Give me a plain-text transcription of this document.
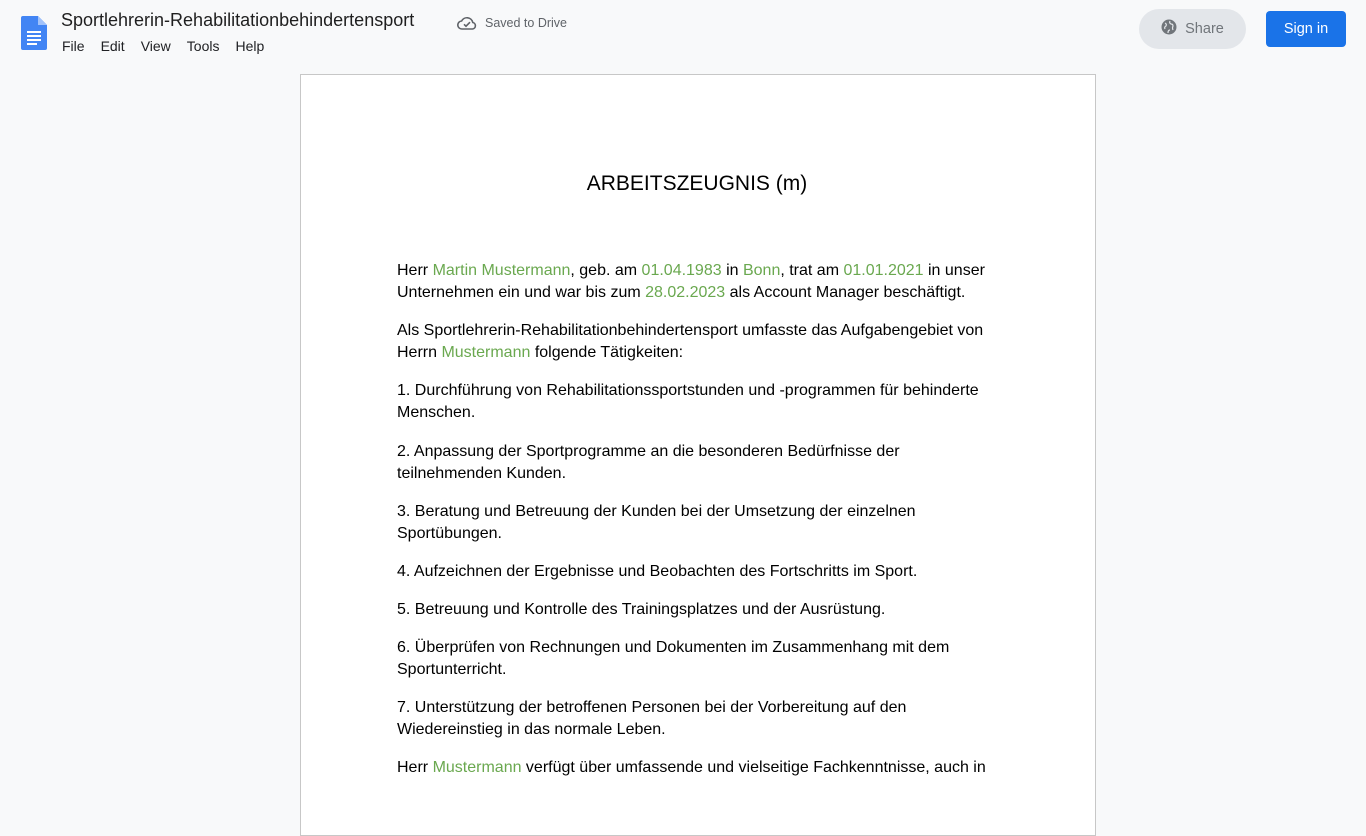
Sportlehrerin-Rehabilitationbehindertensport	Saved to Drive
File	Edit	View	Tools	Help
Share	Sign in
ARBEITSZEUGNIS (m)

Herr Martin Mustermann, geb. am 01.04.1983 in Bonn, trat am 01.01.2021 in unser Unternehmen ein und war bis zum 28.02.2023 als Account Manager beschäftigt.

Als Sportlehrerin-Rehabilitationbehindertensport umfasste das Aufgabengebiet von Herrn Mustermann folgende Tätigkeiten:

1. Durchführung von Rehabilitationssportstunden und -programmen für behinderte Menschen.

2. Anpassung der Sportprogramme an die besonderen Bedürfnisse der teilnehmenden Kunden.

3. Beratung und Betreuung der Kunden bei der Umsetzung der einzelnen Sportübungen.

4. Aufzeichnen der Ergebnisse und Beobachten des Fortschritts im Sport.

5. Betreuung und Kontrolle des Trainingsplatzes und der Ausrüstung.

6. Überprüfen von Rechnungen und Dokumenten im Zusammenhang mit dem Sportunterricht.

7. Unterstützung der betroffenen Personen bei der Vorbereitung auf den Wiedereinstieg in das normale Leben.

Herr Mustermann verfügt über umfassende und vielseitige Fachkenntnisse, auch in
